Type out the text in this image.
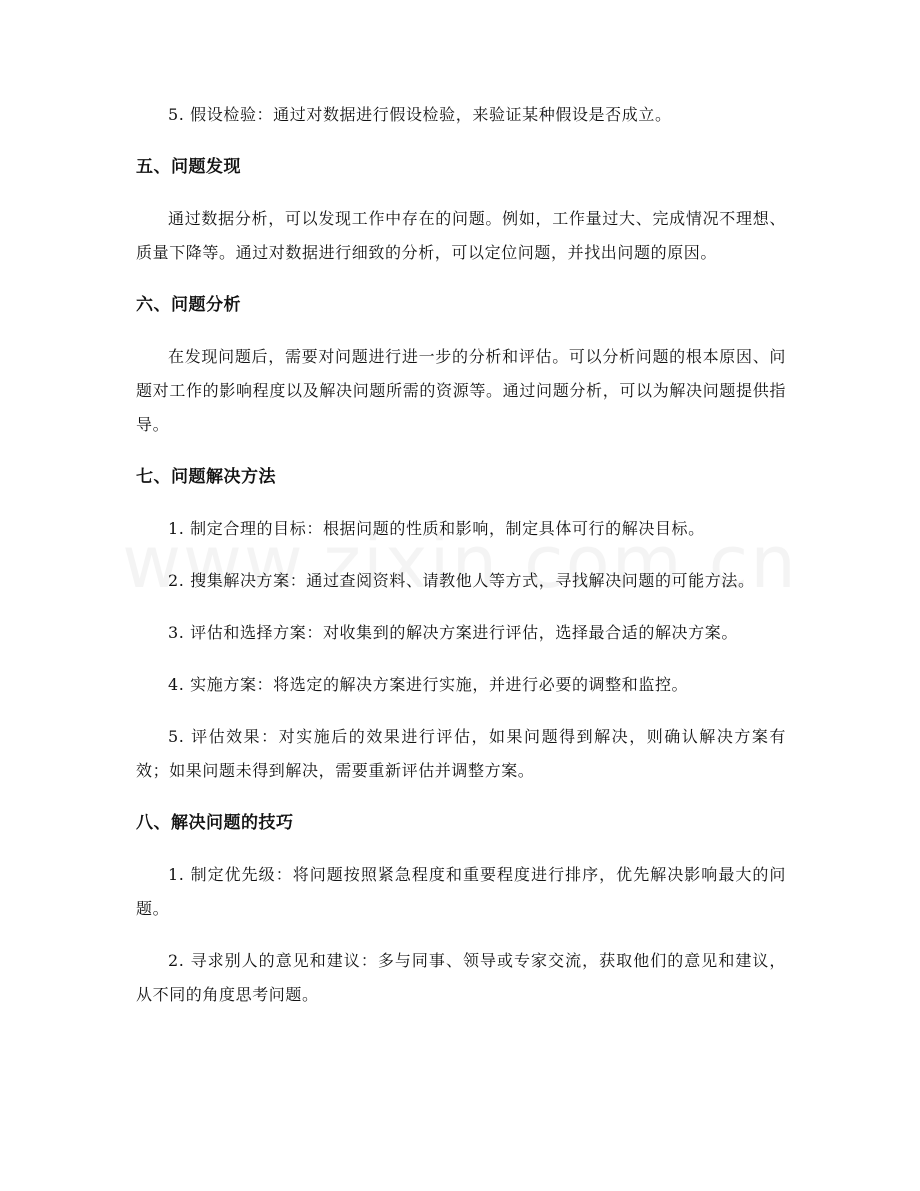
5. 假设检验：通过对数据进行假设检验，来验证某种假设是否成立。

五、问题发现

通过数据分析，可以发现工作中存在的问题。例如，工作量过大、完成情况不理想、质量下降等。通过对数据进行细致的分析，可以定位问题，并找出问题的原因。

六、问题分析

在发现问题后，需要对问题进行进一步的分析和评估。可以分析问题的根本原因、问题对工作的影响程度以及解决问题所需的资源等。通过问题分析，可以为解决问题提供指导。

七、问题解决方法

1. 制定合理的目标：根据问题的性质和影响，制定具体可行的解决目标。

2. 搜集解决方案：通过查阅资料、请教他人等方式，寻找解决问题的可能方法。

3. 评估和选择方案：对收集到的解决方案进行评估，选择最合适的解决方案。

4. 实施方案：将选定的解决方案进行实施，并进行必要的调整和监控。

5. 评估效果：对实施后的效果进行评估，如果问题得到解决，则确认解决方案有效；如果问题未得到解决，需要重新评估并调整方案。

八、解决问题的技巧

1. 制定优先级：将问题按照紧急程度和重要程度进行排序，优先解决影响最大的问题。

2. 寻求别人的意见和建议：多与同事、领导或专家交流，获取他们的意见和建议，从不同的角度思考问题。
